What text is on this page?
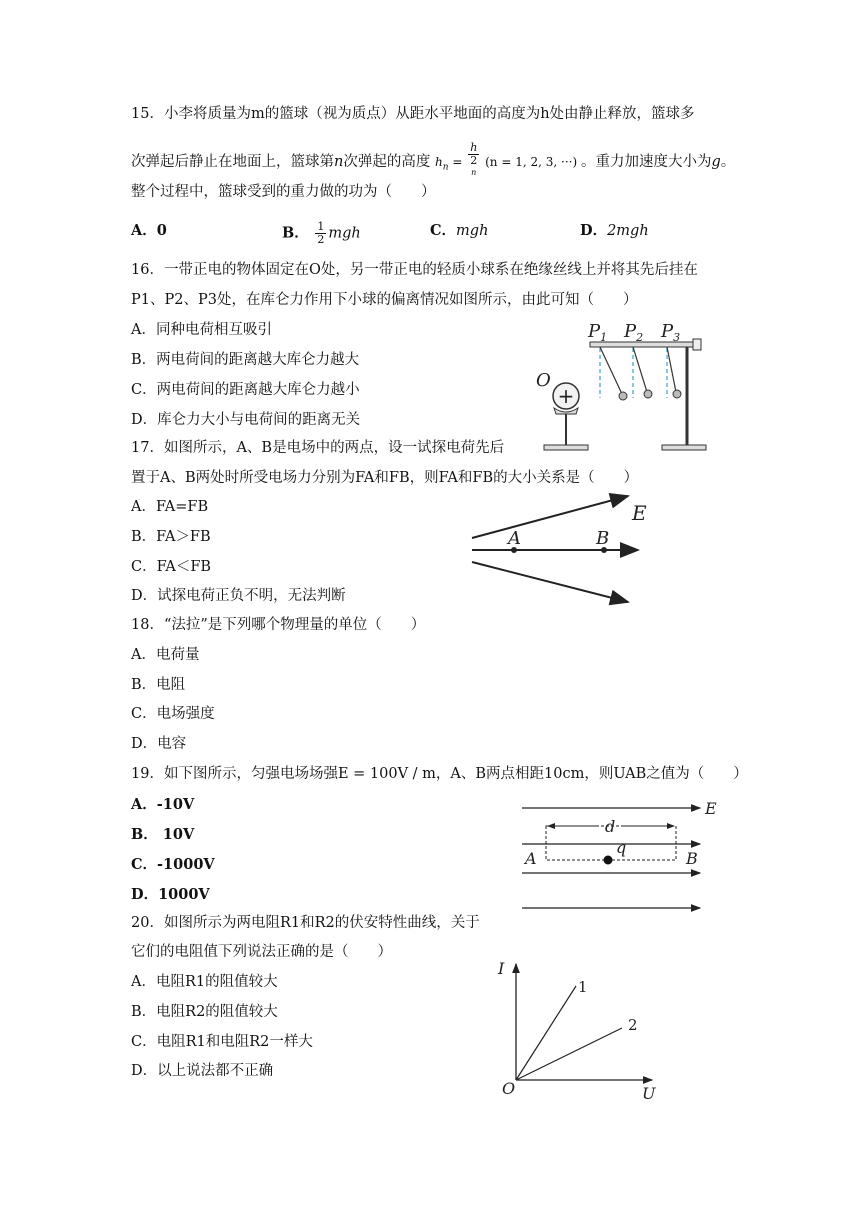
15．小李将质量为m的篮球（视为质点）从距水平地面的高度为h处由静止释放，篮球多
次弹起后静止在地面上，篮球第n次弹起的高度 $h_n = h$
2
$^n$ (n = 1, 2, 3, ···) 。重力加速度大小为g。
整个过程中，篮球受到的重力做的功为（　　）
A．0	B． $\frac{1}{2}$ mgh	C．mgh	D．2mgh
16．一带正电的物体固定在O处，另一带正电的轻质小球系在绝缘丝线上并将其先后挂在
P1、P2、P3处，在库仑力作用下小球的偏离情况如图所示，由此可知（　　）
A．同种电荷相互吸引
B．两电荷间的距离越大库仑力越大
C．两电荷间的距离越大库仑力越小
D．库仑力大小与电荷间的距离无关
+
O
$P_1$ $P_2$ $P_3$
17．如图所示，A、B是电场中的两点，设一试探电荷先后
置于A、B两处时所受电场力分别为FA和FB，则FA和FB的大小关系是（　　）
A．FA=FB
B．FA＞FB
C．FA＜FB
D．试探电荷正负不明，无法判断
A	B
E
18．“法拉”是下列哪个物理量的单位（　　）
A．电荷量
B．电阻
C．电场强度
D．电容
19．如下图所示，匀强电场场强E = 100V / m，A、B两点相距10cm，则UAB之值为（　　）
A．-10V
B． 10V
C．-1000V
D．1000V
E
d
q
A	B
20．如图所示为两电阻R1和R2的伏安特性曲线，关于
它们的电阻值下列说法正确的是（　　）
B．电阻R2的阻值较大
A．电阻R1的阻值较大
C．电阻R1和电阻R2一样大
D．以上说法都不正确
I
U
O
1
2
